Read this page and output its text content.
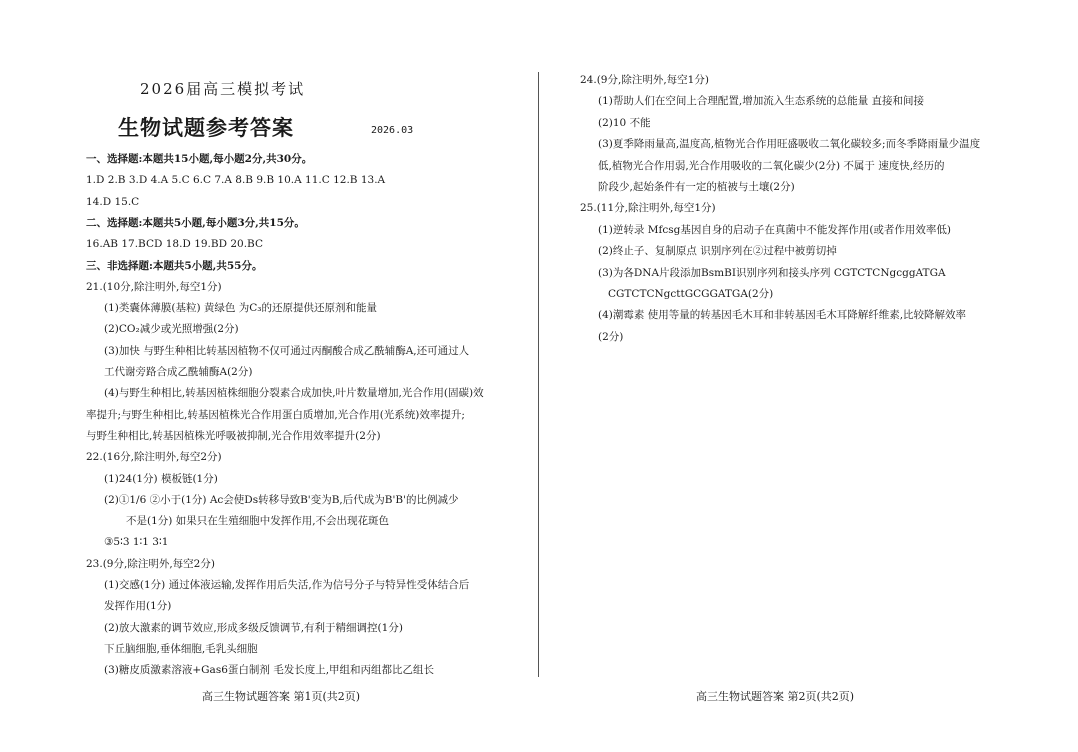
2026届高三模拟考试
生物试题参考答案	2026.03
一、选择题:本题共15小题,每小题2分,共30分。
1.D 2.B 3.D 4.A 5.C 6.C 7.A 8.B 9.B 10.A 11.C 12.B 13.A
14.D 15.C
二、选择题:本题共5小题,每小题3分,共15分。
16.AB 17.BCD 18.D 19.BD 20.BC
三、非选择题:本题共5小题,共55分。
21.(10分,除注明外,每空1分)
(1)类囊体薄膜(基粒) 黄绿色 为C₃的还原提供还原剂和能量
(2)CO₂减少或光照增强(2分)
(3)加快 与野生种相比转基因植物不仅可通过丙酮酸合成乙酰辅酶A,还可通过人
工代谢旁路合成乙酰辅酶A(2分)
(4)与野生种相比,转基因植株细胞分裂素合成加快,叶片数量增加,光合作用(固碳)效
率提升;与野生种相比,转基因植株光合作用蛋白质增加,光合作用(光系统)效率提升;
与野生种相比,转基因植株光呼吸被抑制,光合作用效率提升(2分)
22.(16分,除注明外,每空2分)
(1)24(1分) 模板链(1分)
(2)①1/6 ②小于(1分) Ac会使Ds转移导致B'变为B,后代成为B'B'的比例减少
不是(1分) 如果只在生殖细胞中发挥作用,不会出现花斑色
③5∶3 1∶1 3∶1
23.(9分,除注明外,每空2分)
(1)交感(1分) 通过体液运输,发挥作用后失活,作为信号分子与特异性受体结合后
发挥作用(1分)
(2)放大激素的调节效应,形成多级反馈调节,有利于精细调控(1分)
下丘脑细胞,垂体细胞,毛乳头细胞
(3)糖皮质激素溶液+Gas6蛋白制剂 毛发长度上,甲组和丙组都比乙组长
24.(9分,除注明外,每空1分)
(1)帮助人们在空间上合理配置,增加流入生态系统的总能量 直接和间接
(2)10 不能
(3)夏季降雨量高,温度高,植物光合作用旺盛吸收二氧化碳较多;而冬季降雨量少温度
低,植物光合作用弱,光合作用吸收的二氧化碳少(2分) 不属于 速度快,经历的
阶段少,起始条件有一定的植被与土壤(2分)
25.(11分,除注明外,每空1分)
(1)逆转录 Mfcsg基因自身的启动子在真菌中不能发挥作用(或者作用效率低)
(2)终止子、复制原点 识别序列在②过程中被剪切掉
(3)为各DNA片段添加BsmBⅠ识别序列和接头序列 CGTCTCNgcggATGA
CGTCTCNgcttGCGGATGA(2分)
(4)潮霉素 使用等量的转基因毛木耳和非转基因毛木耳降解纤维素,比较降解效率
(2分)
高三生物试题答案 第1页(共2页)	高三生物试题答案 第2页(共2页)
